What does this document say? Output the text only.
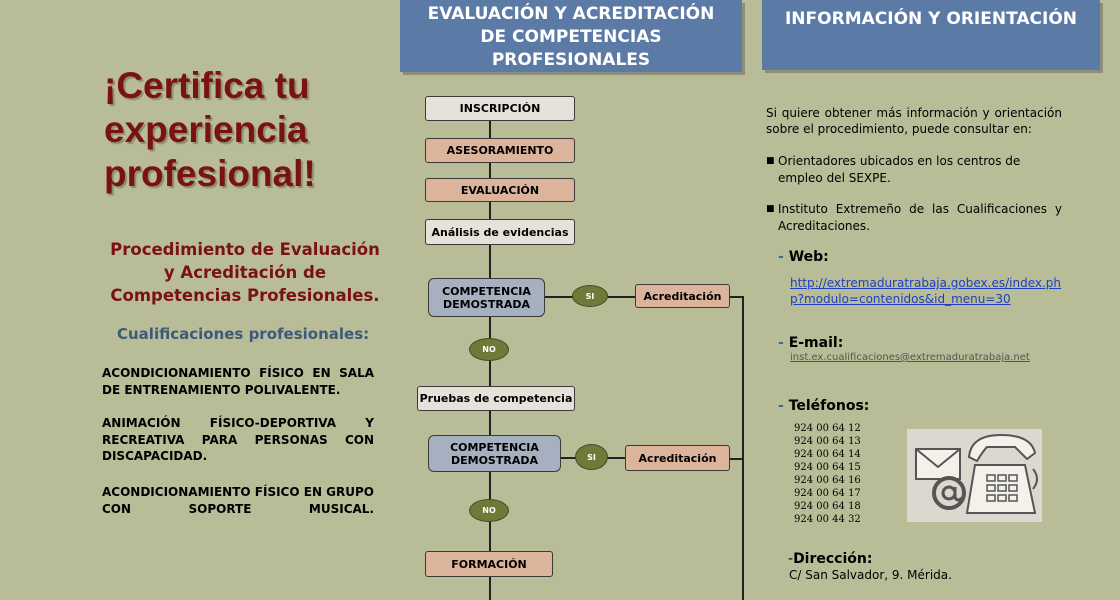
¡Certifica tu
experiencia
profesional!
Procedimiento de Evaluación
y Acreditación de
Competencias Profesionales.
Cualificaciones profesionales:
ACONDICIONAMIENTO FÍSICO EN SALA DE ENTRENAMIENTO POLIVALENTE.
ANIMACIÓN FÍSICO-DEPORTIVA Y RECREATIVA PARA PERSONAS CON DISCAPACIDAD.
ACONDICIONAMIENTO FÍSICO EN GRUPO CON SOPORTE MUSICAL.
EVALUACIÓN Y ACREDITACIÓN
DE COMPETENCIAS
PROFESIONALES
INSCRIPCIÓN
ASESORAMIENTO
EVALUACIÓN
Análisis de evidencias
COMPETENCIA
DEMOSTRADA
SI	Acreditación
NO
Pruebas de competencia
COMPETENCIA
DEMOSTRADA	SI	Acreditación
NO
FORMACIÓN
INFORMACIÓN Y ORIENTACIÓN
Si quiere obtener más información y orientación sobre el procedimiento, puede consultar en:
■ Orientadores ubicados en los centros de empleo del SEXPE.
■ Instituto Extremeño de las Cualificaciones y Acreditaciones.
- Web:
http://extremaduratrabaja.gobex.es/index.php?modulo=contenidos&id_menu=30
- E-mail:
inst.ex.cualificaciones@extremaduratrabaja.net
- Teléfonos:
924 00 64 12
924 00 64 13
924 00 64 14
924 00 64 15
924 00 64 16
924 00 64 17
924 00 64 18
924 00 44 32
-Dirección:
C/ San Salvador, 9. Mérida.
